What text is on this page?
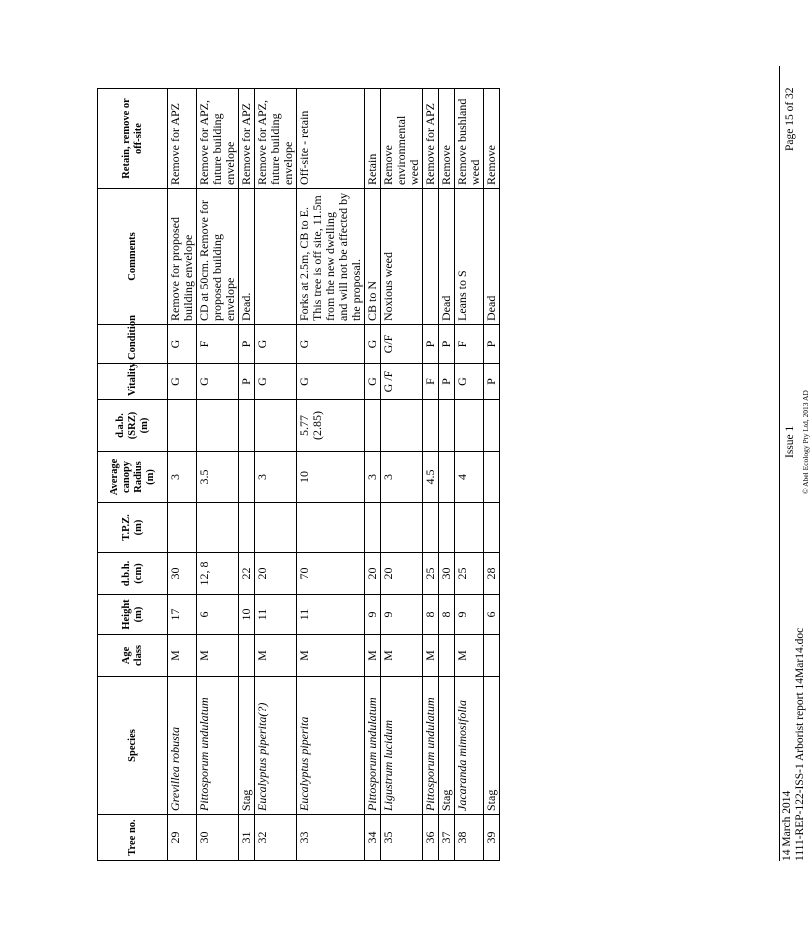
Tree no.	Species	Age class	Height (m)	d.b.h. (cm)	T.P.Z. (m)	Average canopy Radius (m)	d.a.b. (SRZ) (m)	Vitality	Condition	Comments	Retain, remove or off-site
29	Grevillea robusta	M	17	30		3		G	G	Remove for proposed building envelope	Remove for APZ
30	Pittosporum undulatum	M	6	12, 8		3.5		G	F	CD at 50cm. Remove for proposed building envelope	Remove for APZ, future building envelope
31	Stag		10	22				P	P	Dead.	Remove for APZ
32	Eucalyptus piperita(?)	M	11	20		3		G	G		Remove for APZ, future building envelope
33	Eucalyptus piperita	M	11	70		10	5.77 (2.85)	G	G	Forks at 2.5m, CB to E. This tree is off site, 11.5m from the new dwelling and will not be affected by the proposal.	Off-site - retain
34	Pittosporum undulatum	M	9	20		3		G	G	CB to N	Retain
35	Ligustrum lucidum	M	9	20		3		G /F	G/F	Noxious weed	Remove environmental weed
36	Pittosporum undulatum	M	8	25		4.5		F	P		Remove for APZ
37	Stag		8	30				P	P	Dead	Remove
38	Jacaranda mimosifolia	M	9	25		4		G	F	Leans to S	Remove bushland weed
39	Stag		6	28				P	P	Dead	Remove
14 March 2014 1111-REP-122-ISS-1 Arborist report 14Mar14.doc
Issue 1 © Abel Ecology Pty Ltd, 2013 AD
Page 15 of 32
